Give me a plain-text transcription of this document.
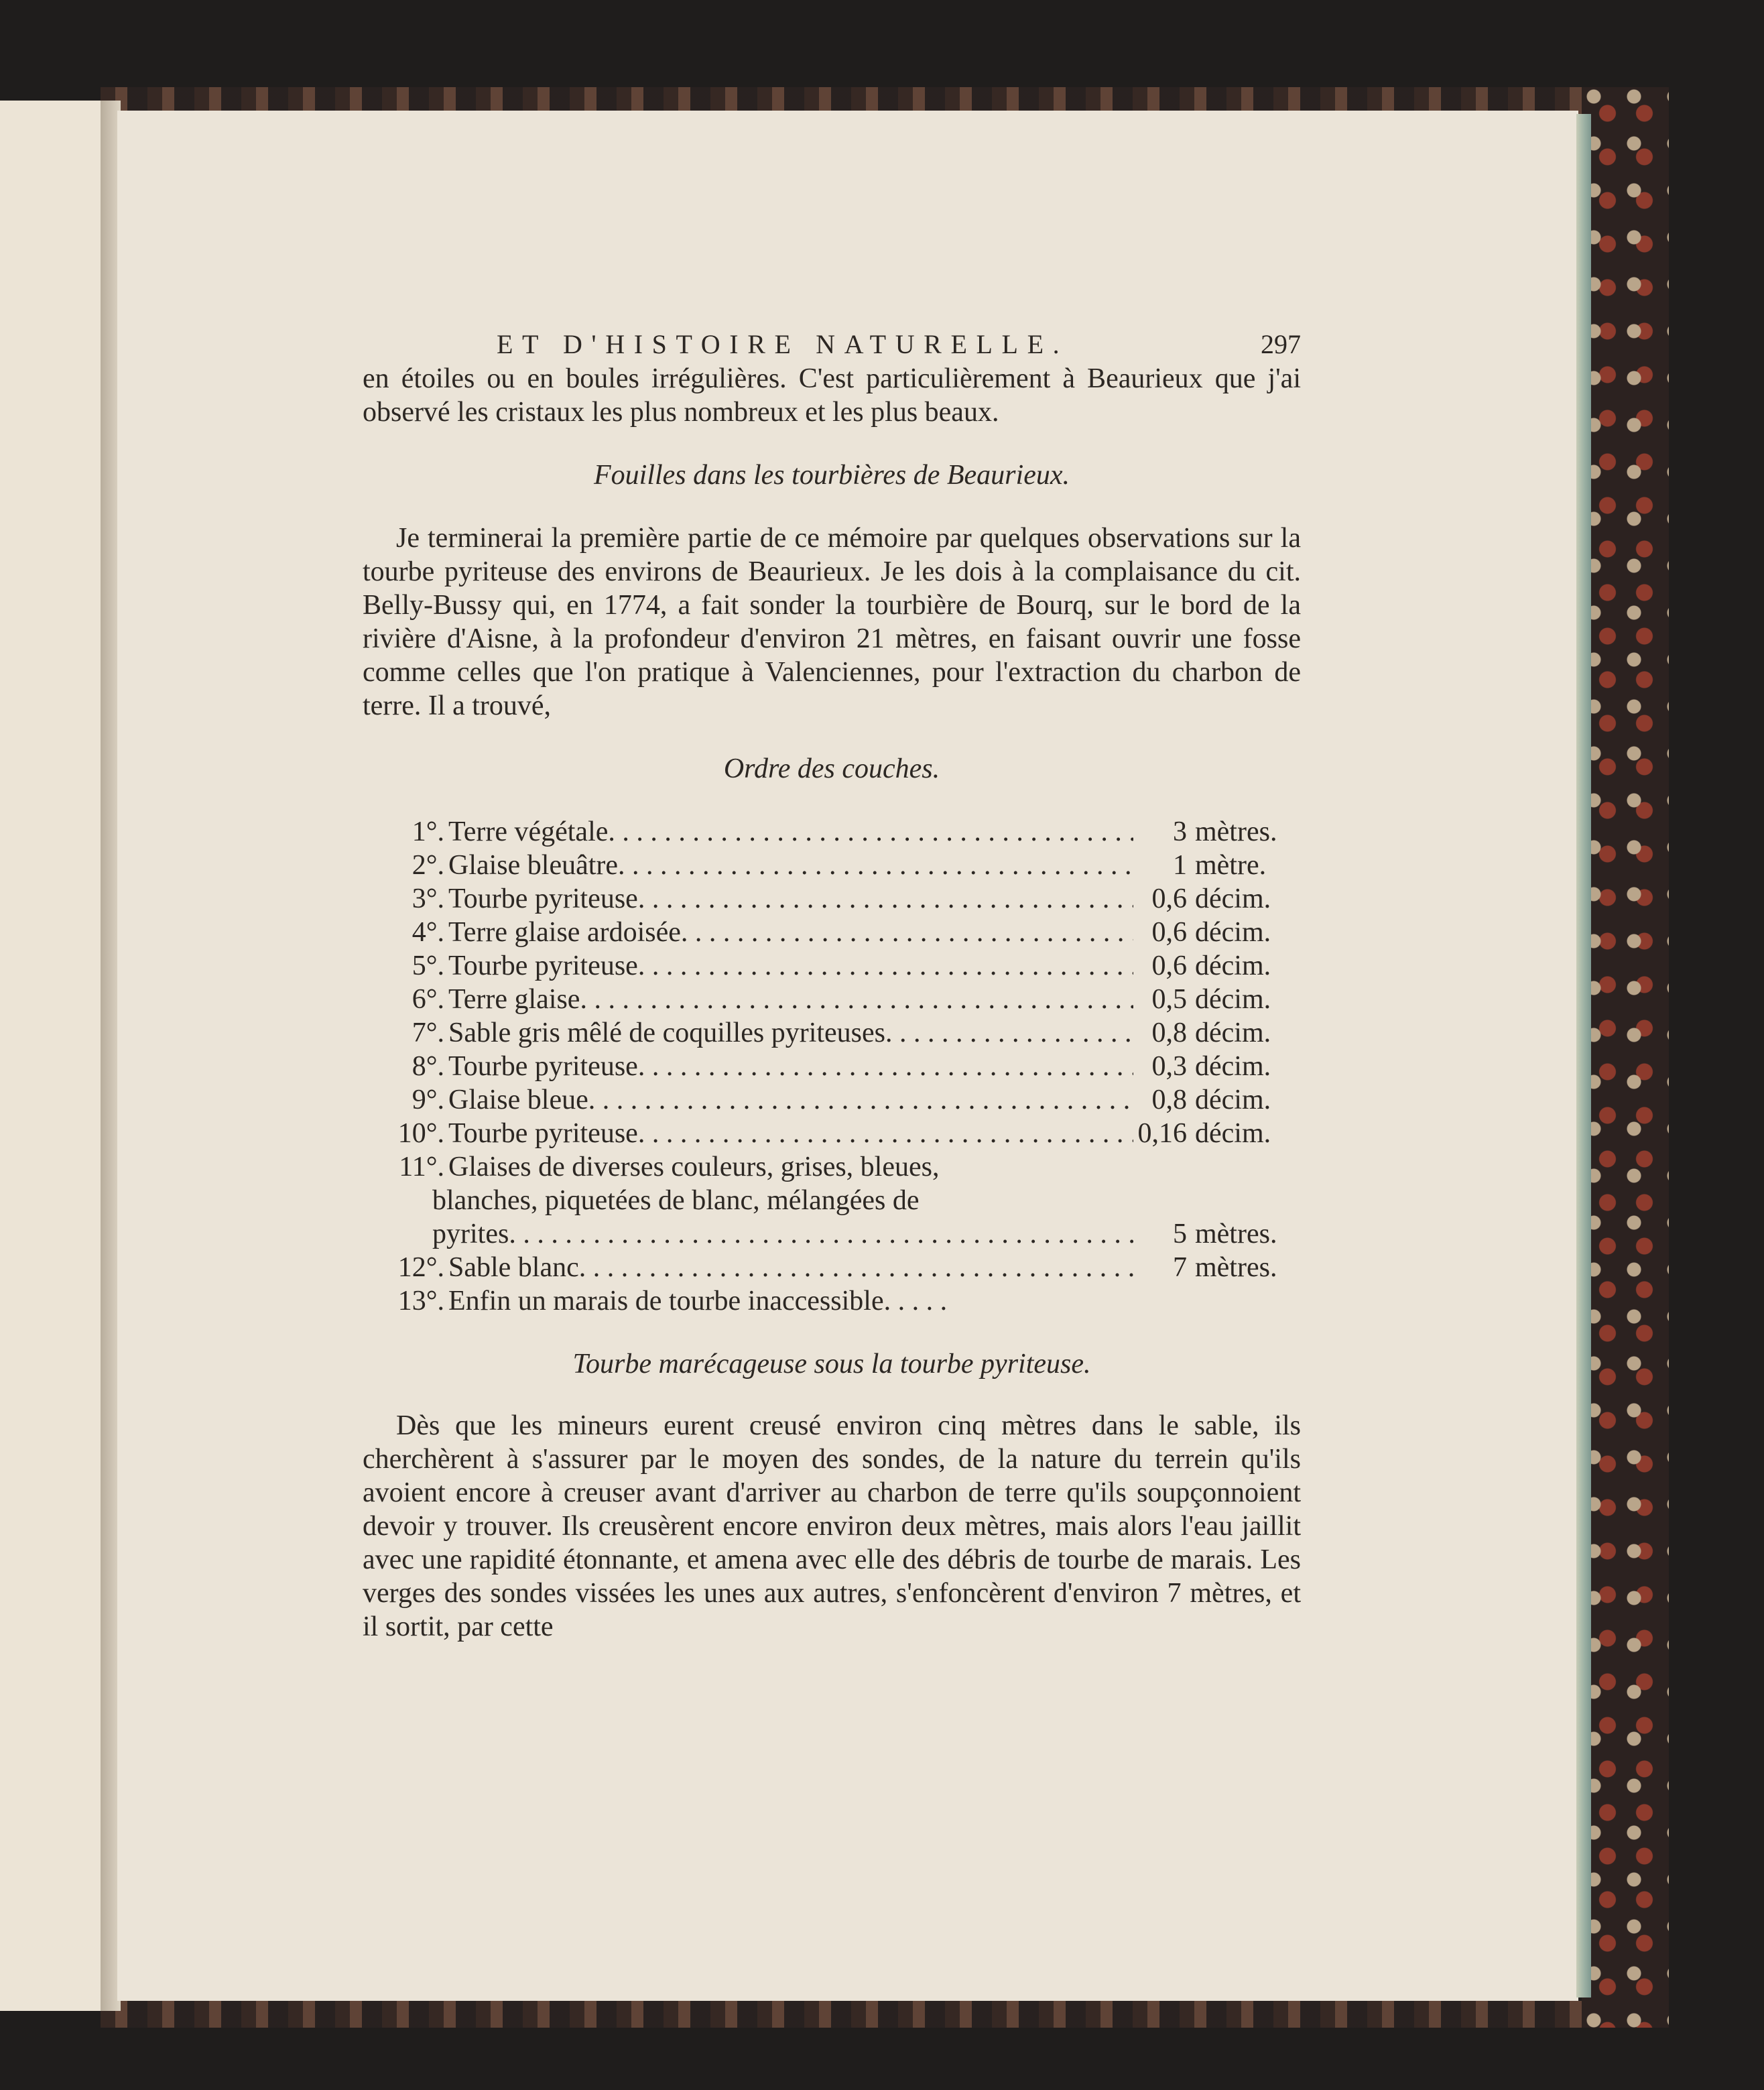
ET D'HISTOIRE NATURELLE.	297

en étoiles ou en boules irrégulières. C'est particulièrement à Beaurieux que j'ai observé les cristaux les plus nombreux et les plus beaux.

Fouilles dans les tourbières de Beaurieux.

Je terminerai la première partie de ce mémoire par quelques observations sur la tourbe pyriteuse des environs de Beaurieux. Je les dois à la complaisance du cit. Belly-Bussy qui, en 1774, a fait sonder la tourbière de Bourq, sur le bord de la rivière d'Aisne, à la profondeur d'environ 21 mètres, en faisant ouvrir une fosse comme celles que l'on pratique à Valenciennes, pour l'extraction du charbon de terre. Il a trouvé,

Ordre des couches.
1°. Terre végétale . . .	3 mètres.
2°. Glaise bleuâtre . . .	1 mètre.
3°. Tourbe pyriteuse . . .	0,6 décim.
4°. Terre glaise ardoisée . . .	0,6 décim.
5°. Tourbe pyriteuse . . .	0,6 décim.
6°. Terre glaise . . .	0,5 décim.
7°. Sable gris mêlé de coquilles pyriteuses . . .	0,8 décim.
8°. Tourbe pyriteuse . . .	0,3 décim.
9°. Glaise bleue . . .	0,8 décim.
10°. Tourbe pyriteuse . . .	0,16 décim.
11°. Glaises de diverses couleurs, grises, bleues,
blanches, piquetées de blanc, mélangées de
pyrites . . .	5 mètres.
12°. Sable blanc . . .	7 mètres.
13°. Enfin un marais de tourbe inaccessible
. . .
Tourbe marécageuse sous la tourbe pyriteuse.

Dès que les mineurs eurent creusé environ cinq mètres dans le sable, ils cherchèrent à s'assurer par le moyen des sondes, de la nature du terrein qu'ils avoient encore à creuser avant d'arriver au charbon de terre qu'ils soupçonnoient devoir y trouver. Ils creusèrent encore environ deux mètres, mais alors l'eau jaillit avec une rapidité étonnante, et amena avec elle des débris de tourbe de marais. Les verges des sondes vissées les unes aux autres, s'enfoncèrent d'environ 7 mètres, et il sortit, par cette
